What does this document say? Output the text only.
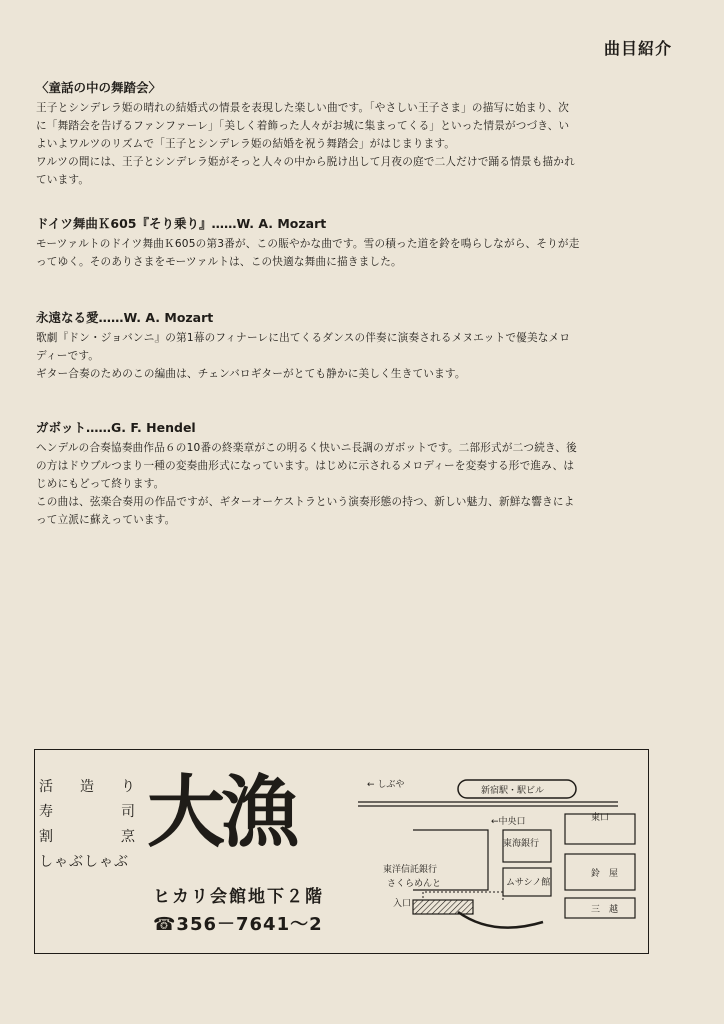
曲目紹介
〈童話の中の舞踏会〉

王子とシンデレラ姫の晴れの結婚式の情景を表現した楽しい曲です。「やさしい王子さま」の描写に始まり、次

に「舞踏会を告げるファンファーレ」「美しく着飾った人々がお城に集まってくる」といった情景がつづき、い

よいよワルツのリズムで「王子とシンデレラ姫の結婚を祝う舞踏会」がはじまります。

ワルツの間には、王子とシンデレラ姫がそっと人々の中から脱け出して月夜の庭で二人だけで踊る情景も描かれ

ています。

ドイツ舞曲Ｋ605『そり乗り』……W. A. Mozart

モーツァルトのドイツ舞曲Ｋ605の第3番が、この賑やかな曲です。雪の積った道を鈴を鳴らしながら、そりが走

ってゆく。そのありさまをモーツァルトは、この快適な舞曲に描きました。

永遠なる愛……W. A. Mozart

歌劇『ドン・ジョバンニ』の第1幕のフィナーレに出てくるダンスの伴奏に演奏されるメヌエットで優美なメロ

ディーです。

ギター合奏のためのこの編曲は、チェンバロギターがとても静かに美しく生きています。

ガボット……G. F. Hendel

ヘンデルの合奏協奏曲作品６の10番の終楽章がこの明るく快いニ長調のガボットです。二部形式が二つ続き、後

の方はドウブルつまり一種の変奏曲形式になっています。はじめに示されるメロディーを変奏する形で進み、は

じめにもどって終ります。

この曲は、弦楽合奏用の作品ですが、ギターオーケストラという演奏形態の持つ、新しい魅力、新鮮な響きによ

って立派に蘇えっています。

活 造 り
寿	司
割	烹
しゃぶしゃぶ
大漁
ヒカリ会館地下２階
☎356－7641～2
← しぶや
新宿駅・駅ビル
東口
←中央口
東海銀行
東洋信託銀行
さくらめんと	ムサシノ館
鈴　屋
三　越
入口
